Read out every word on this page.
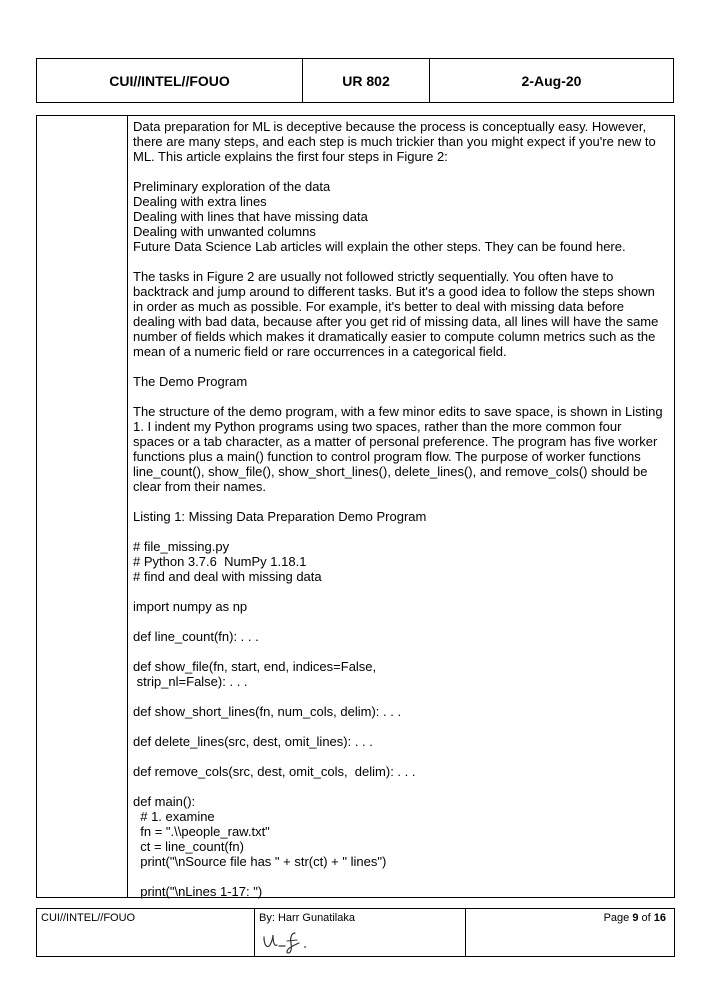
CUI//INTEL//FOUO	UR 802	2-Aug-20

Data preparation for ML is deceptive because the process is conceptually easy. However, there are many steps, and each step is much trickier than you might expect if you're new to ML. This article explains the first four steps in Figure 2:

Preliminary exploration of the data

Dealing with extra lines

Dealing with lines that have missing data

Dealing with unwanted columns

Future Data Science Lab articles will explain the other steps. They can be found here.

The tasks in Figure 2 are usually not followed strictly sequentially. You often have to backtrack and jump around to different tasks. But it's a good idea to follow the steps shown in order as much as possible. For example, it's better to deal with missing data before dealing with bad data, because after you get rid of missing data, all lines will have the same number of fields which makes it dramatically easier to compute column metrics such as the mean of a numeric field or rare occurrences in a categorical field.

The Demo Program

The structure of the demo program, with a few minor edits to save space, is shown in Listing 1. I indent my Python programs using two spaces, rather than the more common four spaces or a tab character, as a matter of personal preference. The program has five worker functions plus a main() function to control program flow. The purpose of worker functions line_count(), show_file(), show_short_lines(), delete_lines(), and remove_cols() should be clear from their names.

Listing 1: Missing Data Preparation Demo Program

# file_missing.py

# Python 3.7.6  NumPy 1.18.1

# find and deal with missing data

import numpy as np

def line_count(fn): . . .

def show_file(fn, start, end, indices=False,

strip_nl=False): . . .

def show_short_lines(fn, num_cols, delim): . . .

def delete_lines(src, dest, omit_lines): . . .

def remove_cols(src, dest, omit_cols,  delim): . . .

def main():

# 1. examine

fn = ".\\people_raw.txt"

ct = line_count(fn)

print("\nSource file has " + str(ct) + " lines")

print("\nLines 1-17: ")

CUI//INTEL//FOUO	By: Harr Gunatilaka	Page 9 of 16
